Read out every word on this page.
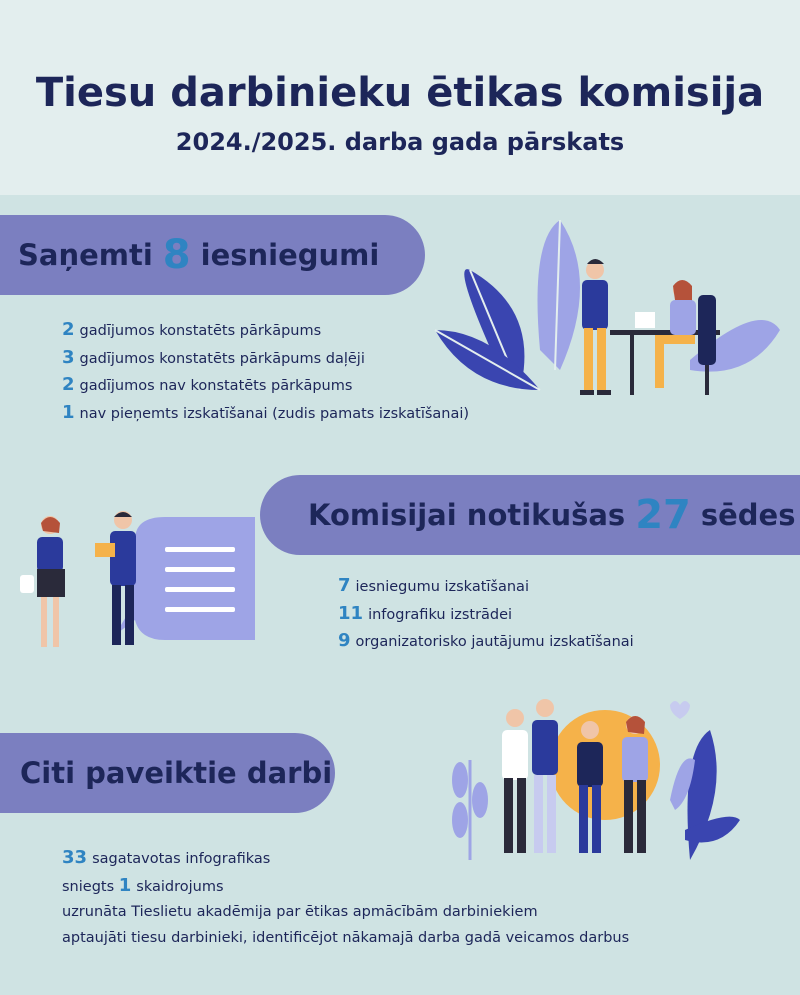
Tiesu darbinieku ētikas komisija
2024./2025. darba gada pārskats
Saņemti 8 iesniegumi
2 gadījumos konstatēts pārkāpums
3 gadījumos konstatēts pārkāpums daļēji
2 gadījumos nav konstatēts pārkāpums
1 nav pieņemts izskatīšanai (zudis pamats izskatīšanai)
Komisijai notikušas 27 sēdes
7 iesniegumu izskatīšanai
11 infografiku izstrādei
9 organizatorisko jautājumu izskatīšanai
Citi paveiktie darbi
33 sagatavotas infografikas
sniegts 1 skaidrojums
uzrunāta Tieslietu akadēmija par ētikas apmācībām darbiniekiem
aptaujāti tiesu darbinieki, identificējot nākamajā darba gadā veicamos darbus
